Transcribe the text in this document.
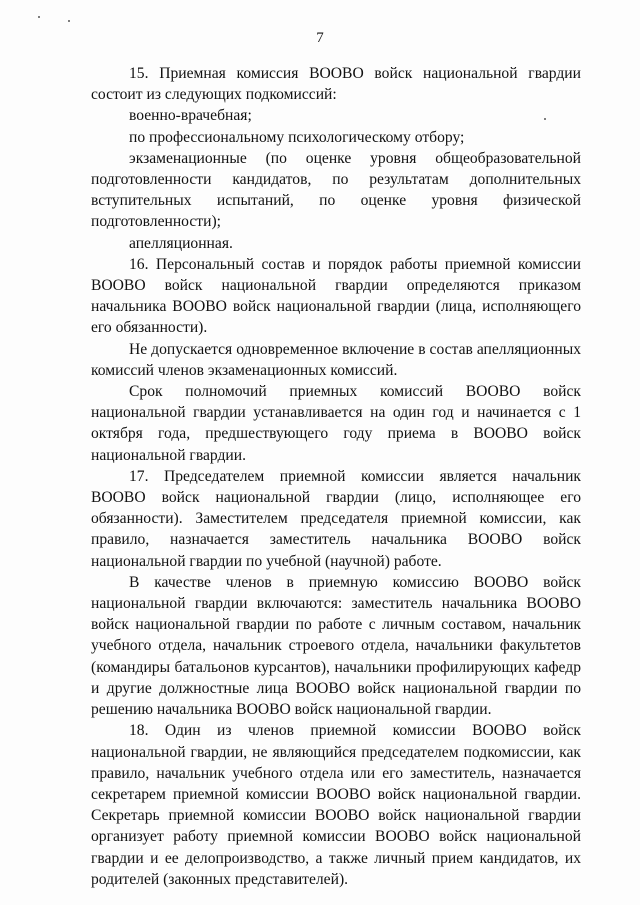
7

15. Приемная комиссия ВООВО войск национальной гвардии состоит из следующих подкомиссий:

военно-врачебная;

по профессиональному психологическому отбору;

экзаменационные (по оценке уровня общеобразовательной подготовленности кандидатов, по результатам дополнительных вступительных испытаний, по оценке уровня физической подготовленности);

апелляционная.

16. Персональный состав и порядок работы приемной комиссии ВООВО войск национальной гвардии определяются приказом начальника ВООВО войск национальной гвардии (лица, исполняющего его обязанности).

Не допускается одновременное включение в состав апелляционных комиссий членов экзаменационных комиссий.

Срок полномочий приемных комиссий ВООВО войск национальной гвардии устанавливается на один год и начинается с 1 октября года, предшествующего году приема в ВООВО войск национальной гвардии.

17. Председателем приемной комиссии является начальник ВООВО войск национальной гвардии (лицо, исполняющее его обязанности). Заместителем председателя приемной комиссии, как правило, назначается заместитель начальника ВООВО войск национальной гвардии по учебной (научной) работе.

В качестве членов в приемную комиссию ВООВО войск национальной гвардии включаются: заместитель начальника ВООВО войск национальной гвардии по работе с личным составом, начальник учебного отдела, начальник строевого отдела, начальники факультетов (командиры батальонов курсантов), начальники профилирующих кафедр и другие должностные лица ВООВО войск национальной гвардии по решению начальника ВООВО войск национальной гвардии.

18. Один из членов приемной комиссии ВООВО войск национальной гвардии, не являющийся председателем подкомиссии, как правило, начальник учебного отдела или его заместитель, назначается секретарем приемной комиссии ВООВО войск национальной гвардии. Секретарь приемной комиссии ВООВО войск национальной гвардии организует работу приемной комиссии ВООВО войск национальной гвардии и ее делопроизводство, а также личный прием кандидатов, их родителей (законных представителей).
